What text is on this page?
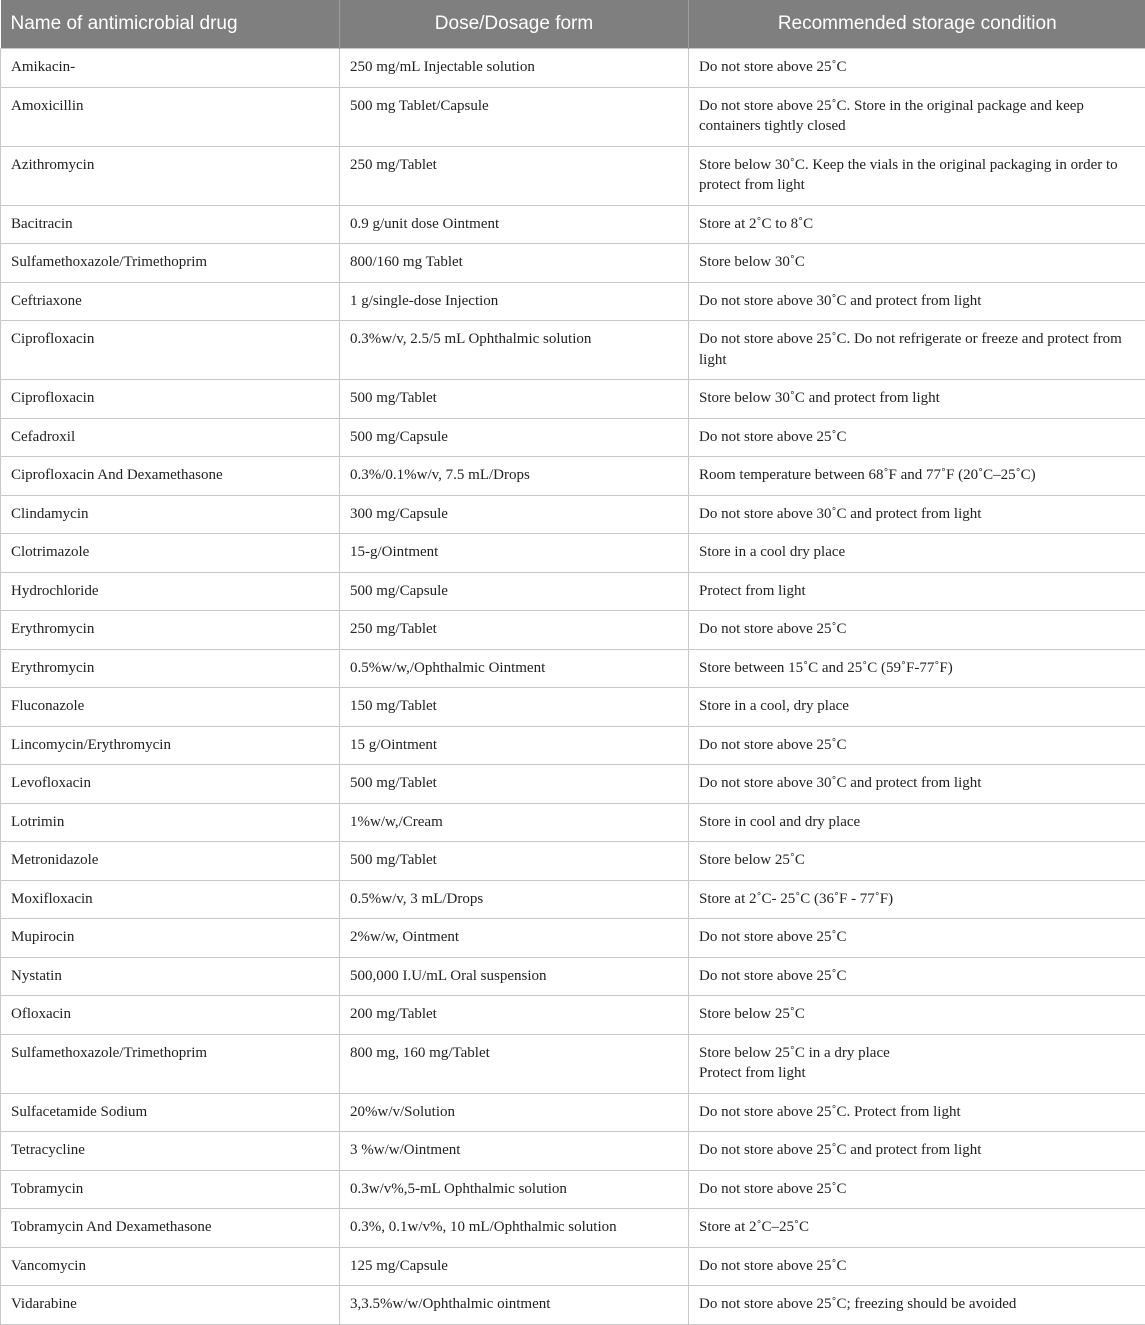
Name of antimicrobial drug	Dose/Dosage form	Recommended storage condition
Amikacin-	250 mg/mL Injectable solution	Do not store above 25˚C
Amoxicillin	500 mg Tablet/Capsule	Do not store above 25˚C. Store in the original package and keep containers tightly closed
Azithromycin	250 mg/Tablet	Store below 30˚C. Keep the vials in the original packaging in order to protect from light
Bacitracin	0.9 g/unit dose Ointment	Store at 2˚C to 8˚C
Sulfamethoxazole/Trimethoprim	800/160 mg Tablet	Store below 30˚C
Ceftriaxone	1 g/single-dose Injection	Do not store above 30˚C and protect from light
Ciprofloxacin	0.3%w/v, 2.5/5 mL Ophthalmic solution	Do not store above 25˚C. Do not refrigerate or freeze and protect from light
Ciprofloxacin	500 mg/Tablet	Store below 30˚C and protect from light
Cefadroxil	500 mg/Capsule	Do not store above 25˚C
Ciprofloxacin And Dexamethasone	0.3%/0.1%w/v, 7.5 mL/Drops	Room temperature between 68˚F and 77˚F (20˚C–25˚C)
Clindamycin	300 mg/Capsule	Do not store above 30˚C and protect from light
Clotrimazole	15-g/Ointment	Store in a cool dry place
Hydrochloride	500 mg/Capsule	Protect from light
Erythromycin	250 mg/Tablet	Do not store above 25˚C
Erythromycin	0.5%w/w,/Ophthalmic Ointment	Store between 15˚C and 25˚C (59˚F-77˚F)
Fluconazole	150 mg/Tablet	Store in a cool, dry place
Lincomycin/Erythromycin	15 g/Ointment	Do not store above 25˚C
Levofloxacin	500 mg/Tablet	Do not store above 30˚C and protect from light
Lotrimin	1%w/w,/Cream	Store in cool and dry place
Metronidazole	500 mg/Tablet	Store below 25˚C
Moxifloxacin	0.5%w/v, 3 mL/Drops	Store at 2˚C- 25˚C (36˚F - 77˚F)
Mupirocin	2%w/w, Ointment	Do not store above 25˚C
Nystatin	500,000 I.U/mL Oral suspension	Do not store above 25˚C
Ofloxacin	200 mg/Tablet	Store below 25˚C
Sulfamethoxazole/Trimethoprim	800 mg, 160 mg/Tablet	Store below 25˚C in a dry place
Protect from light
Sulfacetamide Sodium	20%w/v/Solution	Do not store above 25˚C. Protect from light
Tetracycline	3 %w/w/Ointment	Do not store above 25˚C and protect from light
Tobramycin	0.3w/v%,5-mL Ophthalmic solution	Do not store above 25˚C
Tobramycin And Dexamethasone	0.3%, 0.1w/v%, 10 mL/Ophthalmic solution	Store at 2˚C–25˚C
Vancomycin	125 mg/Capsule	Do not store above 25˚C
Vidarabine	3,3.5%w/w/Ophthalmic ointment	Do not store above 25˚C; freezing should be avoided
